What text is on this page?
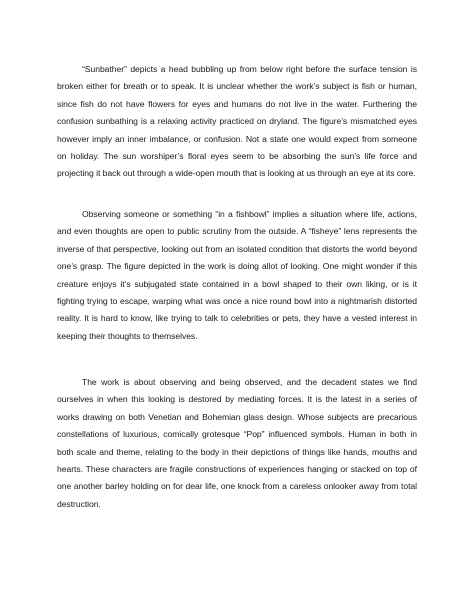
“Sunbather” depicts a head bubbling up from below right before the surface tension is broken either for breath or to speak. It is unclear whether the work’s subject is fish or human, since fish do not have flowers for eyes and humans do not live in the water. Furthering the confusion sunbathing is a relaxing activity practiced on dryland. The figure’s mismatched eyes however imply an inner imbalance, or confusion. Not a state one would expect from someone on holiday. The sun worshiper’s floral eyes seem to be absorbing the sun’s life force and projecting it back out through a wide-open mouth that is looking at us through an eye at its core.

Observing someone or something “in a fishbowl” implies a situation where life, actions, and even thoughts are open to public scrutiny from the outside. A “fisheye” lens represents the inverse of that perspective, looking out from an isolated condition that distorts the world beyond one’s grasp. The figure depicted in the work is doing allot of looking. One might wonder if this creature enjoys it’s subjugated state contained in a bowl shaped to their own liking, or is it fighting trying to escape, warping what was once a nice round bowl into a nightmarish distorted reality. It is hard to know, like trying to talk to celebrities or pets, they have a vested interest in keeping their thoughts to themselves.

The work is about observing and being observed, and the decadent states we find ourselves in when this looking is destored by mediating forces. It is the latest in a series of works drawing on both Venetian and Bohemian glass design. Whose subjects are precarious constellations of luxurious, comically grotesque “Pop” influenced symbols. Human in both in both scale and theme, relating to the body in their depictions of things like hands, mouths and hearts. These characters are fragile constructions of experiences hanging or stacked on top of one another barley holding on for dear life, one knock from a careless onlooker away from total destruction.
